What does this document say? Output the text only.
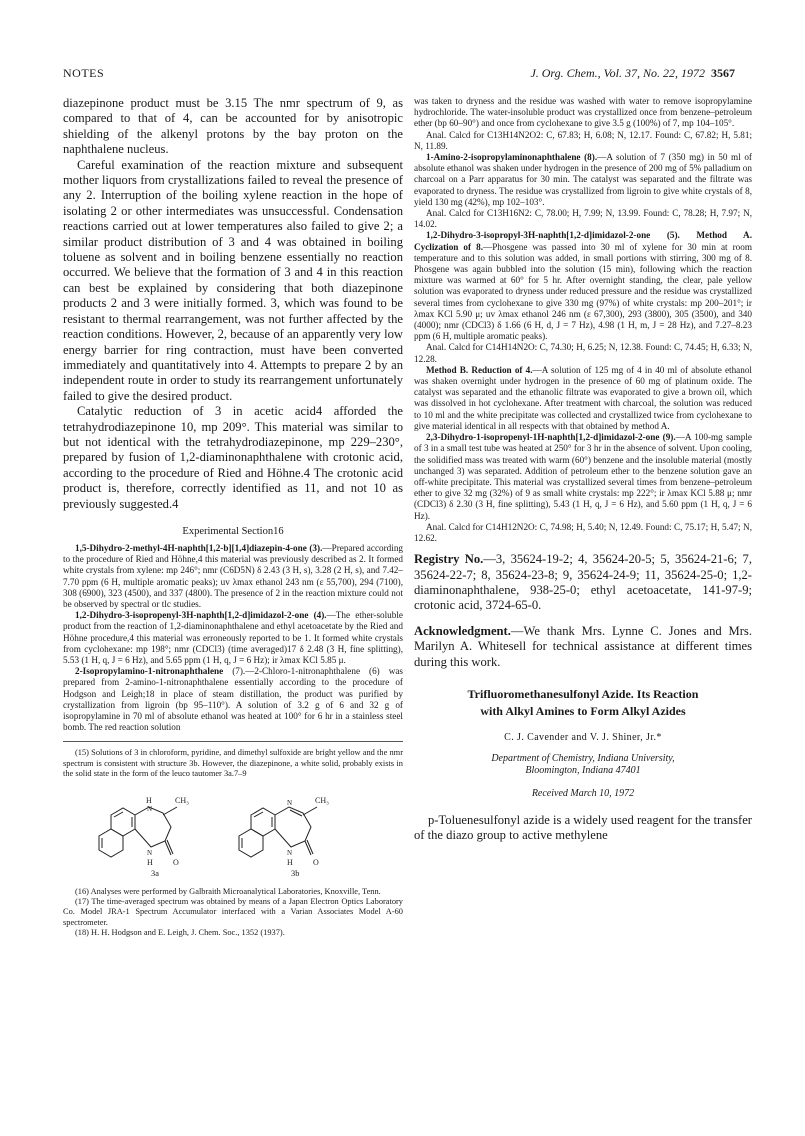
NOTES	J. Org. Chem., Vol. 37, No. 22, 1972 3567

diazepinone product must be 3.15 The nmr spectrum of 9, as compared to that of 4, can be accounted for by anisotropic shielding of the alkenyl protons by the bay proton on the naphthalene nucleus.

Careful examination of the reaction mixture and subsequent mother liquors from crystallizations failed to reveal the presence of any 2. Interruption of the boiling xylene reaction in the hope of isolating 2 or other intermediates was unsuccessful. Condensation reactions carried out at lower temperatures also failed to give 2; a similar product distribution of 3 and 4 was obtained in boiling toluene as solvent and in boiling benzene essentially no reaction occurred. We believe that the formation of 3 and 4 in this reaction can best be explained by considering that both diazepinone products 2 and 3 were initially formed. 3, which was found to be resistant to thermal rearrangement, was not further affected by the reaction conditions. However, 2, because of an apparently very low energy barrier for ring contraction, must have been converted immediately and quantitatively into 4. Attempts to prepare 2 by an independent route in order to study its rearrangement unfortunately failed to give the desired product.

Catalytic reduction of 3 in acetic acid4 afforded the tetrahydrodiazepinone 10, mp 209°. This material was similar to but not identical with the tetrahydrodiazepinone, mp 229–230°, prepared by fusion of 1,2-diaminonaphthalene with crotonic acid, according to the procedure of Ried and Höhne.4 The crotonic acid product is, therefore, correctly identified as 11, and not 10 as previously suggested.4

Experimental Section16

1,5-Dihydro-2-methyl-4H-naphth[1,2-b][1,4]diazepin-4-one (3).—Prepared according to the procedure of Ried and Höhne,4 this material was previously described as 2. It formed white crystals from xylene: mp 246°; nmr (C6D5N) δ 2.43 (3 H, s), 3.28 (2 H, s), and 7.42–7.70 ppm (6 H, multiple aromatic peaks); uv λmax ethanol 243 nm (ε 55,700), 294 (7100), 308 (6900), 323 (4500), and 337 (4800). The presence of 2 in the reaction mixture could not be observed by spectral or tlc studies.

1,2-Dihydro-3-isopropenyl-3H-naphth[1,2-d]imidazol-2-one (4).—The ether-soluble product from the reaction of 1,2-diaminonaphthalene and ethyl acetoacetate by the Ried and Höhne procedure,4 this material was erroneously reported to be 1. It formed white crystals from cyclohexane: mp 198°; nmr (CDCl3) (time averaged)17 δ 2.48 (3 H, fine splitting), 5.53 (1 H, q, J = 6 Hz), and 5.65 ppm (1 H, q, J = 6 Hz); ir λmax KCl 5.85 μ.

2-Isopropylamino-1-nitronaphthalene (7).—2-Chloro-1-nitronaphthalene (6) was prepared from 2-amino-1-nitronaphthalene essentially according to the procedure of Hodgson and Leigh;18 in place of steam distillation, the product was purified by crystallization from ligroin (bp 95–110°). A solution of 3.2 g of 6 and 32 g of isopropylamine in 70 ml of absolute ethanol was heated at 100° for 6 hr in a stainless steel bomb. The red reaction solution

(15) Solutions of 3 in chloroform, pyridine, and dimethyl sulfoxide are bright yellow and the nmr spectrum is consistent with structure 3b. However, the diazepinone, a white solid, probably exists in the solid state in the form of the leuco tautomer 3a.7–9

H
N
CH₃
N
H	O
N	CH₃
N
H	O
3a	3b

(16) Analyses were performed by Galbraith Microanalytical Laboratories, Knoxville, Tenn.

(17) The time-averaged spectrum was obtained by means of a Japan Electron Optics Laboratory Co. Model JRA-1 Spectrum Accumulator interfaced with a Varian Associates Model A-60 spectrometer.

(18) H. H. Hodgson and E. Leigh, J. Chem. Soc., 1352 (1937).

was taken to dryness and the residue was washed with water to remove isopropylamine hydrochloride. The water-insoluble product was crystallized once from benzene–petroleum ether (bp 60–90°) and once from cyclohexane to give 3.5 g (100%) of 7, mp 104–105°.

Anal. Calcd for C13H14N2O2: C, 67.83; H, 6.08; N, 12.17. Found: C, 67.82; H, 5.81; N, 11.89.

1-Amino-2-isopropylaminonaphthalene (8).—A solution of 7 (350 mg) in 50 ml of absolute ethanol was shaken under hydrogen in the presence of 200 mg of 5% palladium on charcoal on a Parr apparatus for 30 min. The catalyst was separated and the filtrate was evaporated to dryness. The residue was crystallized from ligroin to give white crystals of 8, yield 130 mg (42%), mp 102–103°.

Anal. Calcd for C13H16N2: C, 78.00; H, 7.99; N, 13.99. Found: C, 78.28; H, 7.97; N, 14.02.

1,2-Dihydro-3-isopropyl-3H-naphth[1,2-d]imidazol-2-one (5). Method A. Cyclization of 8.—Phosgene was passed into 30 ml of xylene for 30 min at room temperature and to this solution was added, in small portions with stirring, 300 mg of 8. Phosgene was again bubbled into the solution (15 min), following which the reaction mixture was warmed at 60° for 5 hr. After overnight standing, the clear, pale yellow solution was evaporated to dryness under reduced pressure and the residue was crystallized several times from cyclohexane to give 330 mg (97%) of white crystals: mp 200–201°; ir λmax KCl 5.90 μ; uv λmax ethanol 246 nm (ε 67,300), 293 (3800), 305 (3500), and 340 (4000); nmr (CDCl3) δ 1.66 (6 H, d, J = 7 Hz), 4.98 (1 H, m, J = 28 Hz), and 7.27–8.23 ppm (6 H, multiple aromatic peaks).

Anal. Calcd for C14H14N2O: C, 74.30; H, 6.25; N, 12.38. Found: C, 74.45; H, 6.33; N, 12.28.

Method B. Reduction of 4.—A solution of 125 mg of 4 in 40 ml of absolute ethanol was shaken overnight under hydrogen in the presence of 60 mg of platinum oxide. The catalyst was separated and the ethanolic filtrate was evaporated to give a brown oil, which was dissolved in hot cyclohexane. After treatment with charcoal, the solution was reduced to 10 ml and the white precipitate was collected and crystallized twice from cyclohexane to give material identical in all respects with that obtained by method A.

2,3-Dihydro-1-isopropenyl-1H-naphth[1,2-d]imidazol-2-one (9).—A 100-mg sample of 3 in a small test tube was heated at 250° for 3 hr in the absence of solvent. Upon cooling, the solidified mass was treated with warm (60°) benzene and the insoluble material (mostly unchanged 3) was separated. Addition of petroleum ether to the benzene solution gave an off-white precipitate. This material was crystallized several times from benzene–petroleum ether to give 32 mg (32%) of 9 as small white crystals: mp 222°; ir λmax KCl 5.88 μ; nmr (CDCl3) δ 2.30 (3 H, fine splitting), 5.43 (1 H, q, J = 6 Hz), and 5.60 ppm (1 H, q, J = 6 Hz).

Anal. Calcd for C14H12N2O: C, 74.98; H, 5.40; N, 12.49. Found: C, 75.17; H, 5.47; N, 12.62.

Registry No.—3, 35624-19-2; 4, 35624-20-5; 5, 35624-21-6; 7, 35624-22-7; 8, 35624-23-8; 9, 35624-24-9; 11, 35624-25-0; 1,2-diaminonaphthalene, 938-25-0; ethyl acetoacetate, 141-97-9; crotonic acid, 3724-65-0.

Acknowledgment.—We thank Mrs. Lynne C. Jones and Mrs. Marilyn A. Whitesell for technical assistance at different times during this work.

Trifluoromethanesulfonyl Azide. Its Reaction
with Alkyl Amines to Form Alkyl Azides
C. J. Cavender and V. J. Shiner, Jr.*
Department of Chemistry, Indiana University,
Bloomington, Indiana 47401
Received March 10, 1972

p-Toluenesulfonyl azide is a widely used reagent for the transfer of the diazo group to active methylene
